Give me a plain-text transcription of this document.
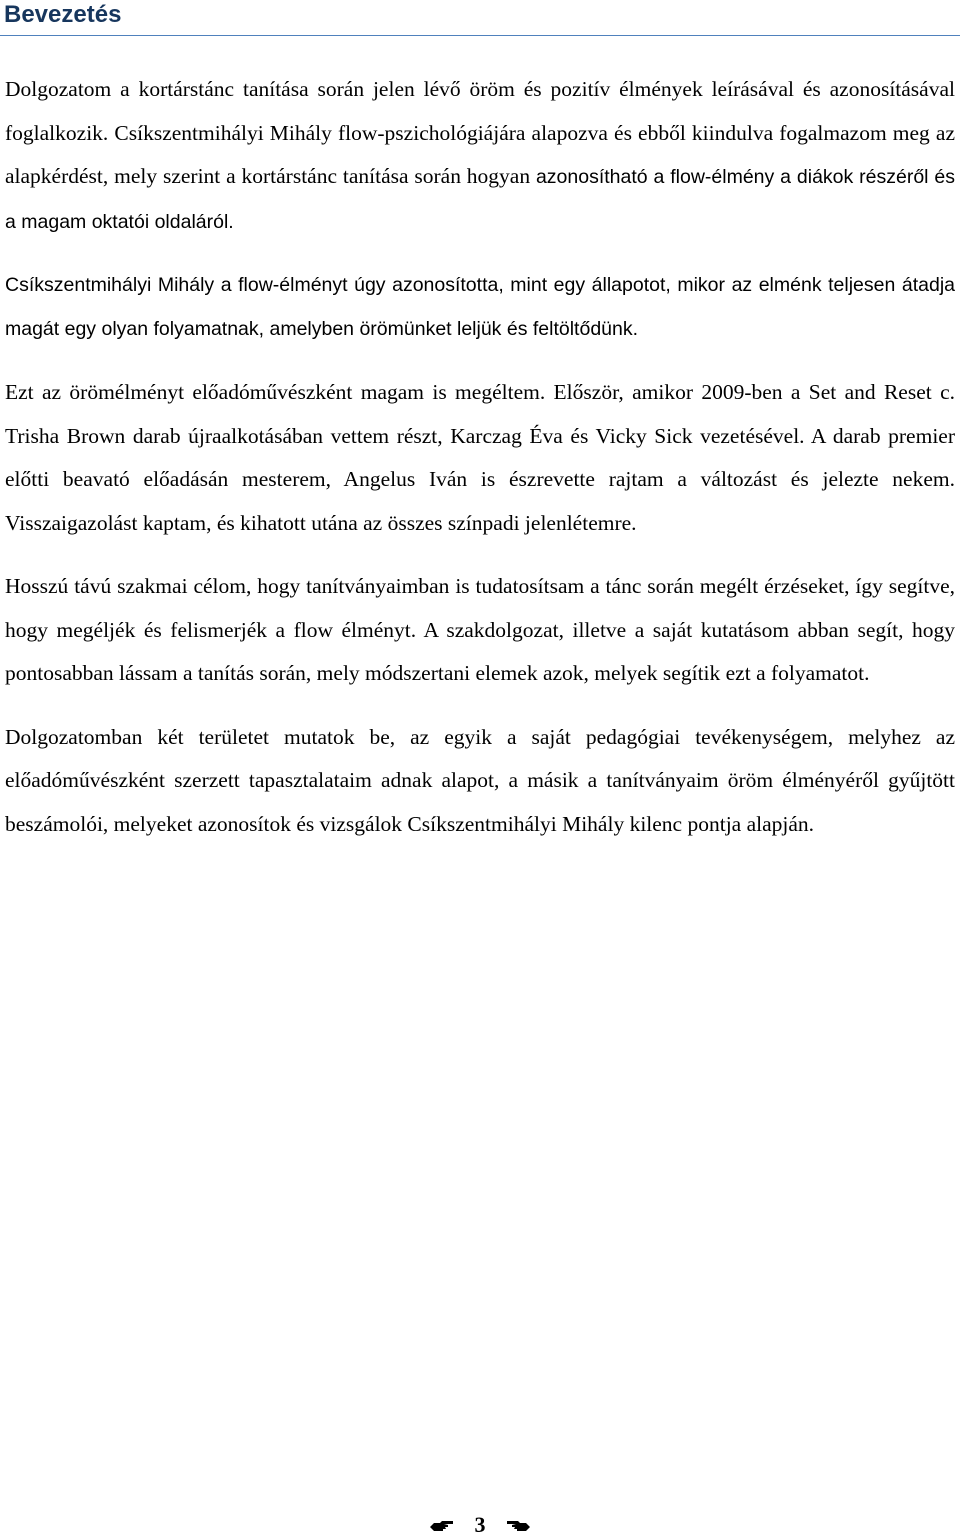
Bevezetés

Dolgozatom a kortárstánc tanítása során jelen lévő öröm és pozitív élmények leírásával és azonosításával foglalkozik. Csíkszentmihályi Mihály flow-pszichológiájára alapozva és ebből kiindulva fogalmazom meg az alapkérdést, mely szerint a kortárstánc tanítása során hogyan azonosítható a flow-élmény a diákok részéről és a magam oktatói oldaláról.

Csíkszentmihályi Mihály a flow-élményt úgy azonosította, mint egy állapotot, mikor az elménk teljesen átadja magát egy olyan folyamatnak, amelyben örömünket leljük és feltöltődünk.

Ezt az örömélményt előadóművészként magam is megéltem. Először, amikor 2009-ben a Set and Reset c. Trisha Brown darab újraalkotásában vettem részt, Karczag Éva és Vicky Sick vezetésével. A darab premier előtti beavató előadásán mesterem, Angelus Iván is észrevette rajtam a változást és jelezte nekem. Visszaigazolást kaptam, és kihatott utána az összes színpadi jelenlétemre.

Hosszú távú szakmai célom, hogy tanítványaimban is tudatosítsam a tánc során megélt érzéseket, így segítve, hogy megéljék és felismerjék a flow élményt. A szakdolgozat, illetve a saját kutatásom abban segít, hogy pontosabban lássam a tanítás során, mely módszertani elemek azok, melyek segítik ezt a folyamatot.

Dolgozatomban két területet mutatok be, az egyik a saját pedagógiai tevékenységem, melyhez az előadóművészként szerzett tapasztalataim adnak alapot, a másik a tanítványaim öröm élményéről gyűjtött beszámolói, melyeket azonosítok és vizsgálok Csíkszentmihályi Mihály kilenc pontja alapján.

3
